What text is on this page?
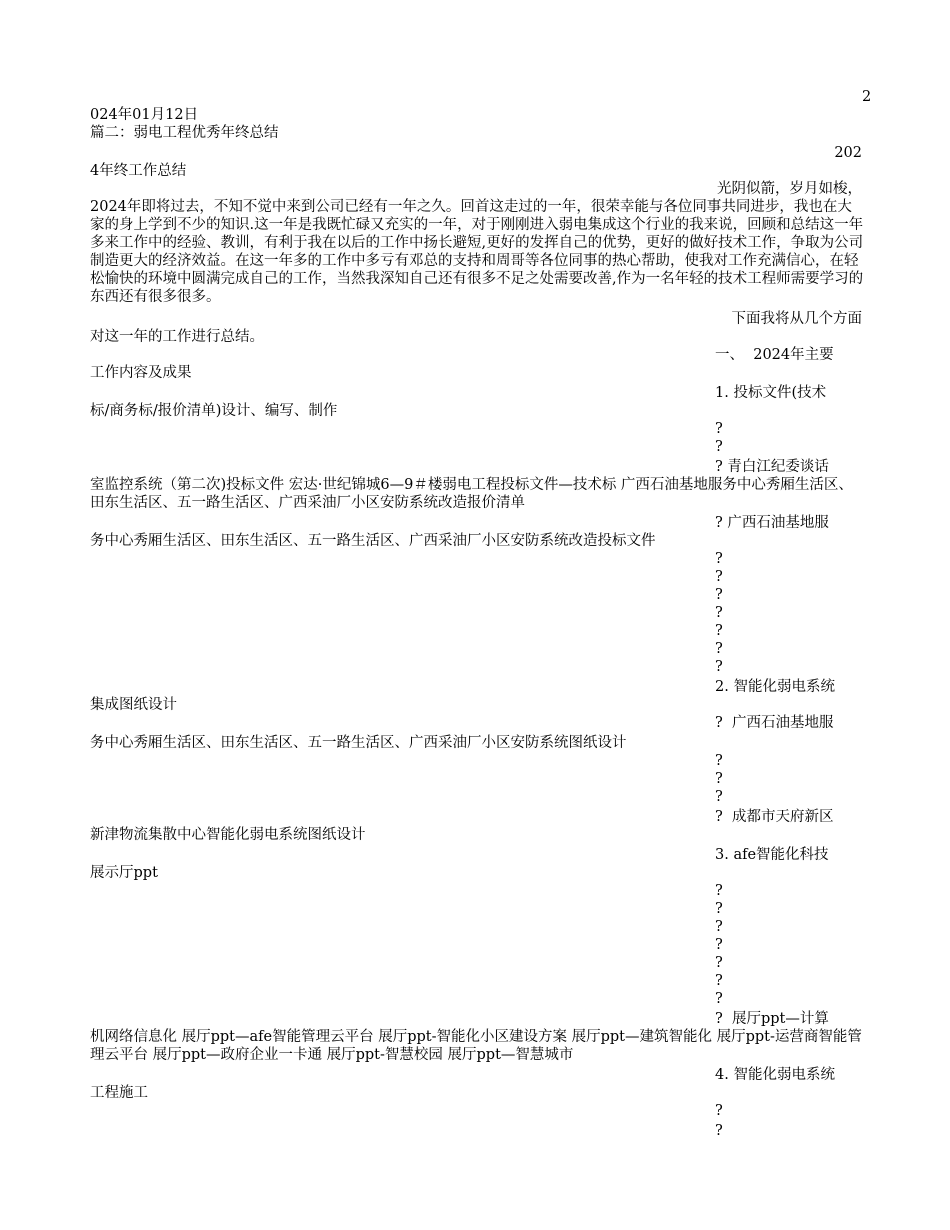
2
024年01月12日
篇二：弱电工程优秀年终总结
202
4年终工作总结
光阴似箭，岁月如梭，

2024年即将过去，不知不觉中来到公司已经有一年之久。回首这走过的一年，很荣幸能与各位同事共同进步，我也在大家的身上学到不少的知识.这一年是我既忙碌又充实的一年，对于刚刚进入弱电集成这个行业的我来说，回顾和总结这一年多来工作中的经验、教训，有利于我在以后的工作中扬长避短,更好的发挥自己的优势，更好的做好技术工作，争取为公司制造更大的经济效益。在这一年多的工作中多亏有邓总的支持和周哥等各位同事的热心帮助，使我对工作充满信心，在轻松愉快的环境中圆满完成自己的工作，当然我深知自己还有很多不足之处需要改善,作为一名年轻的技术工程师需要学习的东西还有很多很多。

下面我将从几个方面
对这一年的工作进行总结。
一、  2024年主要
工作内容及成果
1. 投标文件(技术
标/商务标/报价清单)设计、编写、制作
?
?
? 青白江纪委谈话

室监控系统（第二次)投标文件 宏达·世纪锦城6—9＃楼弱电工程投标文件—技术标 广西石油基地服务中心秀厢生活区、田东生活区、五一路生活区、广西采油厂小区安防系统改造报价清单

? 广西石油基地服
务中心秀厢生活区、田东生活区、五一路生活区、广西采油厂小区安防系统改造投标文件
?
?
?
?
?
?
?
2. 智能化弱电系统
集成图纸设计
?  广西石油基地服
务中心秀厢生活区、田东生活区、五一路生活区、广西采油厂小区安防系统图纸设计
?
?
?
?  成都市天府新区
新津物流集散中心智能化弱电系统图纸设计
3. afe智能化科技
展示厅ppt
?
?
?
?
?
?
?
?  展厅ppt—计算

机网络信息化 展厅ppt—afe智能管理云平台 展厅ppt-智能化小区建设方案 展厅ppt—建筑智能化 展厅ppt-运营商智能管理云平台 展厅ppt—政府企业一卡通 展厅ppt-智慧校园 展厅ppt—智慧城市

4. 智能化弱电系统
工程施工
?
?
